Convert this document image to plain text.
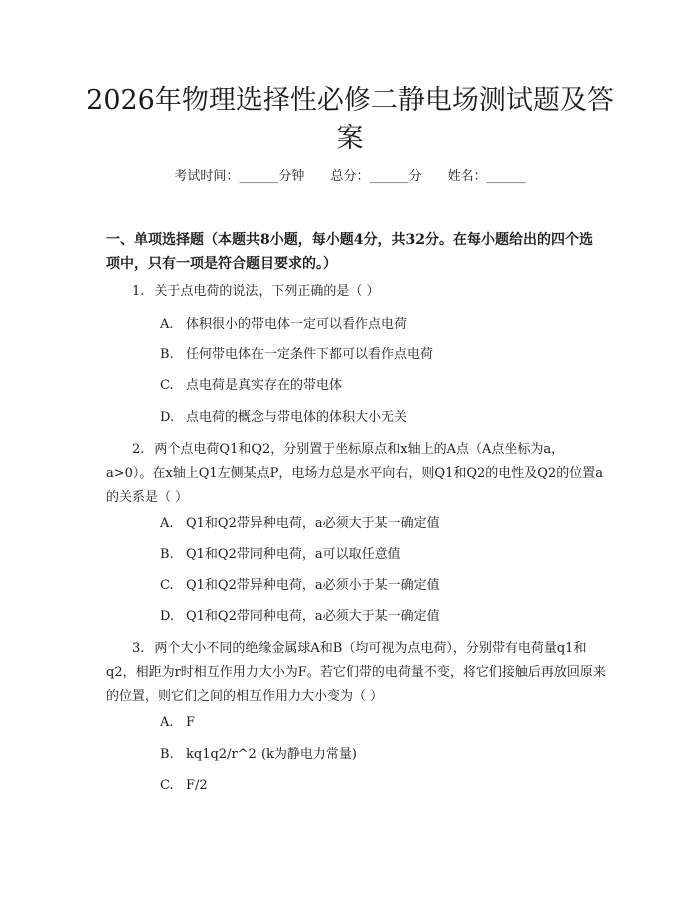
2026年物理选择性必修二静电场测试题及答案
考试时间：______分钟 总分：______分 姓名：______
一、单项选择题（本题共8小题，每小题4分，共32分。在每小题给出的四个选项中，只有一项是符合题目要求的。）
1. 关于点电荷的说法，下列正确的是（ ）
A. 体积很小的带电体一定可以看作点电荷
B. 任何带电体在一定条件下都可以看作点电荷
C. 点电荷是真实存在的带电体
D. 点电荷的概念与带电体的体积大小无关
2. 两个点电荷Q1和Q2，分别置于坐标原点和x轴上的A点（A点坐标为a，a>0）。在x轴上Q1左侧某点P，电场力总是水平向右，则Q1和Q2的电性及Q2的位置a的关系是（ ）
A. Q1和Q2带异种电荷，a必须大于某一确定值
B. Q1和Q2带同种电荷，a可以取任意值
C. Q1和Q2带异种电荷，a必须小于某一确定值
D. Q1和Q2带同种电荷，a必须大于某一确定值
3. 两个大小不同的绝缘金属球A和B（均可视为点电荷），分别带有电荷量q1和q2，相距为r时相互作用力大小为F。若它们带的电荷量不变，将它们接触后再放回原来的位置，则它们之间的相互作用力大小变为（ ）
A. F
B. kq1q2/r^2 (k为静电力常量)
C. F/2
